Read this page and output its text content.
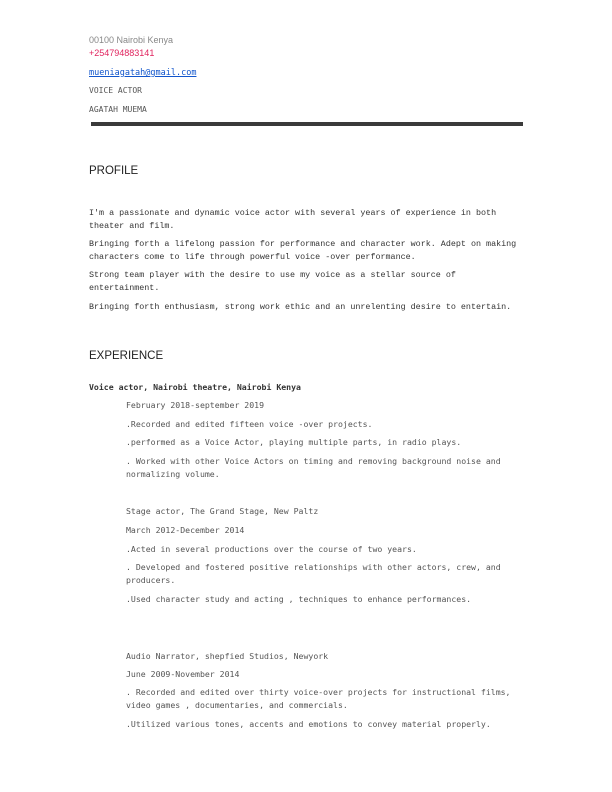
00100 Nairobi Kenya
+254794883141
mueniagatah@gmail.com
VOICE ACTOR
AGATAH MUEMA
PROFILE

I'm a passionate and dynamic voice actor with several years of experience in both theater and film.

Bringing forth a lifelong passion for performance and character work. Adept on making characters come to life through powerful voice -over performance.

Strong team player with the desire to use my voice as a stellar source of entertainment.

Bringing forth enthusiasm, strong work ethic and an unrelenting desire to entertain.

EXPERIENCE
Voice actor, Nairobi theatre, Nairobi Kenya

February 2018-september 2019

.Recorded and edited fifteen voice -over projects.

.performed as a Voice Actor, playing multiple parts, in radio plays.

. Worked with other Voice Actors on timing and removing background noise and normalizing volume.

Stage actor, The Grand Stage, New Paltz

March 2012-December 2014

.Acted in several productions over the course of two years.

. Developed and fostered positive relationships with other actors, crew, and producers.

.Used character study and acting , techniques to enhance performances.

Audio Narrator, shepfied Studios, Newyork

June 2009-November 2014

. Recorded and edited over thirty voice-over projects for instructional films, video games , documentaries, and commercials.

.Utilized various tones, accents and emotions to convey material properly.
